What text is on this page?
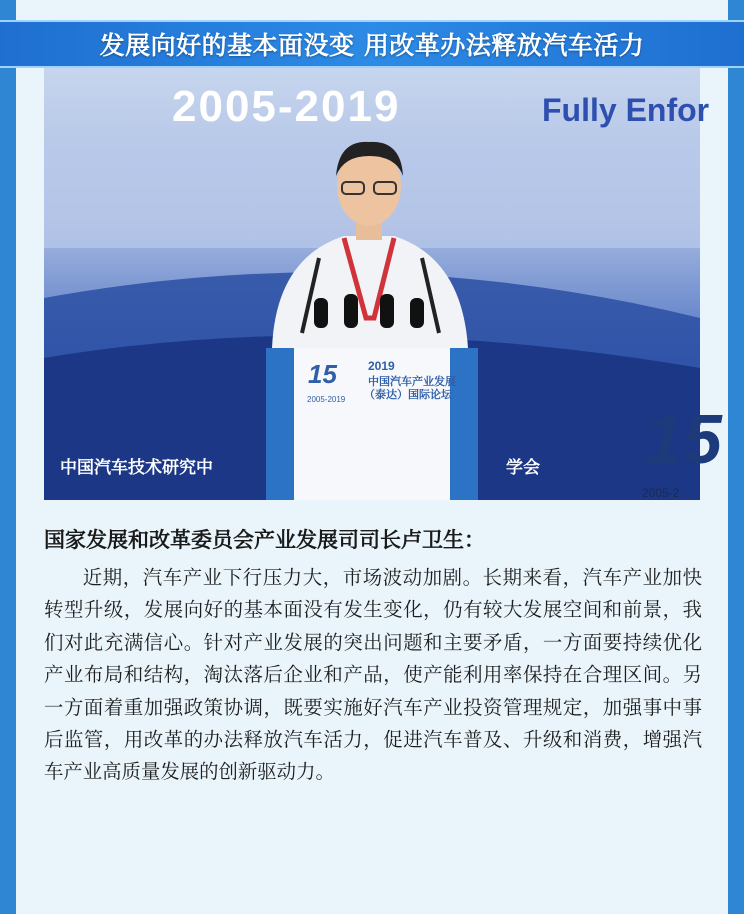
发展向好的基本面没变 用改革办法释放汽车活力
15
15
2005-2019	Fully Enfor
中国汽车技术研究中	学会
2019
中国汽车产业发展
（泰达）国际论坛
2005-2019
2005-2
国家发展和改革委员会产业发展司司长卢卫生：
近期，汽车产业下行压力大，市场波动加剧。长期来看，汽车产业加快转型升级，发展向好的基本面没有发生变化，仍有较大发展空间和前景，我们对此充满信心。针对产业发展的突出问题和主要矛盾，一方面要持续优化产业布局和结构，淘汰落后企业和产品，使产能利用率保持在合理区间。另一方面着重加强政策协调，既要实施好汽车产业投资管理规定，加强事中事后监管，用改革的办法释放汽车活力，促进汽车普及、升级和消费，增强汽车产业高质量发展的创新驱动力。
